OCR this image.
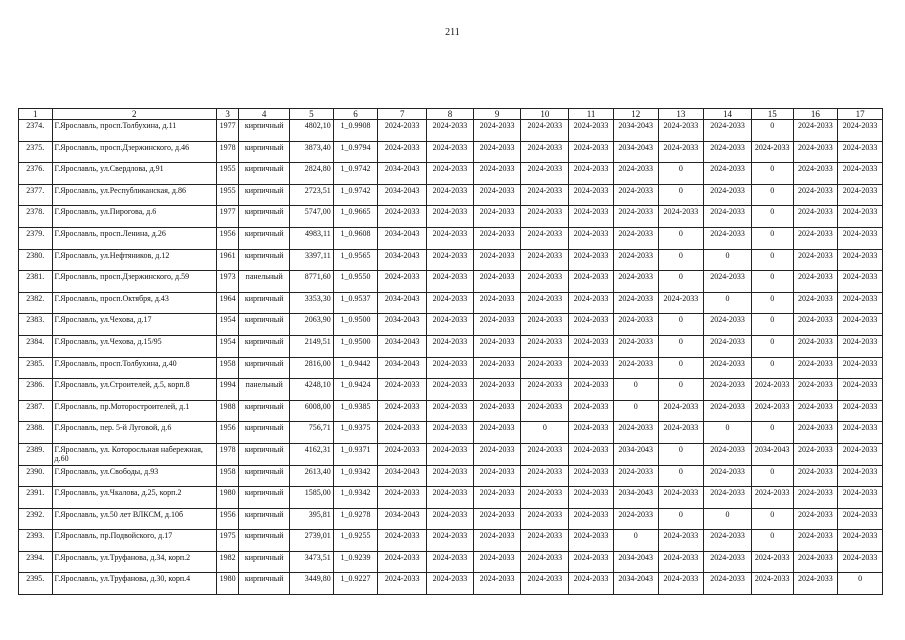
211
1	2	3	4	5	6	7	8	9	10	11	12	13	14	15	16	17
2374.	Г.Ярославль, просп.Толбухина, д.11	1977	кирпичный	4802,10	1_0.9908	2024-2033	2024-2033	2024-2033	2024-2033	2024-2033	2034-2043	2024-2033	2024-2033	0	2024-2033	2024-2033
2375.	Г.Ярославль, просп.Дзержинского, д.46	1978	кирпичный	3873,40	1_0.9794	2024-2033	2024-2033	2024-2033	2024-2033	2024-2033	2034-2043	2024-2033	2024-2033	2024-2033	2024-2033	2024-2033
2376.	Г.Ярославль, ул.Свердлова, д.91	1955	кирпичный	2824,80	1_0.9742	2034-2043	2024-2033	2024-2033	2024-2033	2024-2033	2024-2033	0	2024-2033	0	2024-2033	2024-2033
2377.	Г.Ярославль, ул.Республиканская, д.86	1955	кирпичный	2723,51	1_0.9742	2034-2043	2024-2033	2024-2033	2024-2033	2024-2033	2024-2033	0	2024-2033	0	2024-2033	2024-2033
2378.	Г.Ярославль, ул.Пирогова, д.6	1977	кирпичный	5747,00	1_0.9665	2024-2033	2024-2033	2024-2033	2024-2033	2024-2033	2024-2033	2024-2033	2024-2033	0	2024-2033	2024-2033
2379.	Г.Ярославль, просп.Ленина, д.26	1956	кирпичный	4983,11	1_0.9608	2034-2043	2024-2033	2024-2033	2024-2033	2024-2033	2024-2033	0	2024-2033	0	2024-2033	2024-2033
2380.	Г.Ярославль, ул.Нефтяников, д.12	1961	кирпичный	3397,11	1_0.9565	2034-2043	2024-2033	2024-2033	2024-2033	2024-2033	2024-2033	0	0	0	2024-2033	2024-2033
2381.	Г.Ярославль, просп.Дзержинского, д.59	1973	панельный	8771,60	1_0.9550	2024-2033	2024-2033	2024-2033	2024-2033	2024-2033	2024-2033	0	2024-2033	0	2024-2033	2024-2033
2382.	Г.Ярославль, просп.Октября, д.43	1964	кирпичный	3353,30	1_0.9537	2034-2043	2024-2033	2024-2033	2024-2033	2024-2033	2024-2033	2024-2033	0	0	2024-2033	2024-2033
2383.	Г.Ярославль, ул.Чехова, д.17	1954	кирпичный	2063,90	1_0.9500	2034-2043	2024-2033	2024-2033	2024-2033	2024-2033	2024-2033	0	2024-2033	0	2024-2033	2024-2033
2384.	Г.Ярославль, ул.Чехова, д.15/95	1954	кирпичный	2149,51	1_0.9500	2034-2043	2024-2033	2024-2033	2024-2033	2024-2033	2024-2033	0	2024-2033	0	2024-2033	2024-2033
2385.	Г.Ярославль, просп.Толбухина, д.40	1958	кирпичный	2816,00	1_0.9442	2034-2043	2024-2033	2024-2033	2024-2033	2024-2033	2024-2033	0	2024-2033	0	2024-2033	2024-2033
2386.	Г.Ярославль, ул.Строителей, д.5, корп.8	1994	панельный	4248,10	1_0.9424	2024-2033	2024-2033	2024-2033	2024-2033	2024-2033	0	0	2024-2033	2024-2033	2024-2033	2024-2033
2387.	Г.Ярославль, пр.Моторостроителей, д.1	1988	кирпичный	6008,00	1_0.9385	2024-2033	2024-2033	2024-2033	2024-2033	2024-2033	0	2024-2033	2024-2033	2024-2033	2024-2033	2024-2033
2388.	Г.Ярославль, пер. 5-й Луговой, д.6	1956	кирпичный	756,71	1_0.9375	2024-2033	2024-2033	2024-2033	0	2024-2033	2024-2033	2024-2033	0	0	2024-2033	2024-2033
2389.	Г.Ярославль, ул. Которосльная набережная, д.60	1978	кирпичный	4162,31	1_0.9371	2024-2033	2024-2033	2024-2033	2024-2033	2024-2033	2034-2043	0	2024-2033	2034-2043	2024-2033	2024-2033
2390.	Г.Ярославль, ул.Свободы, д.93	1958	кирпичный	2613,40	1_0.9342	2034-2043	2024-2033	2024-2033	2024-2033	2024-2033	2024-2033	0	2024-2033	0	2024-2033	2024-2033
2391.	Г.Ярославль, ул.Чкалова, д.25, корп.2	1980	кирпичный	1585,00	1_0.9342	2024-2033	2024-2033	2024-2033	2024-2033	2024-2033	2034-2043	2024-2033	2024-2033	2024-2033	2024-2033	2024-2033
2392.	Г.Ярославль, ул.50 лет ВЛКСМ, д.10б	1956	кирпичный	395,81	1_0.9278	2034-2043	2024-2033	2024-2033	2024-2033	2024-2033	2024-2033	0	0	0	2024-2033	2024-2033
2393.	Г.Ярославль, пр.Подвойского, д.17	1975	кирпичный	2739,01	1_0.9255	2024-2033	2024-2033	2024-2033	2024-2033	2024-2033	0	2024-2033	2024-2033	0	2024-2033	2024-2033
2394.	Г.Ярославль, ул.Труфанова, д.34, корп.2	1982	кирпичный	3473,51	1_0.9239	2024-2033	2024-2033	2024-2033	2024-2033	2024-2033	2034-2043	2024-2033	2024-2033	2024-2033	2024-2033	2024-2033
2395.	Г.Ярославль, ул.Труфанова, д.30, корп.4	1980	кирпичный	3449,80	1_0.9227	2024-2033	2024-2033	2024-2033	2024-2033	2024-2033	2034-2043	2024-2033	2024-2033	2024-2033	2024-2033	0
